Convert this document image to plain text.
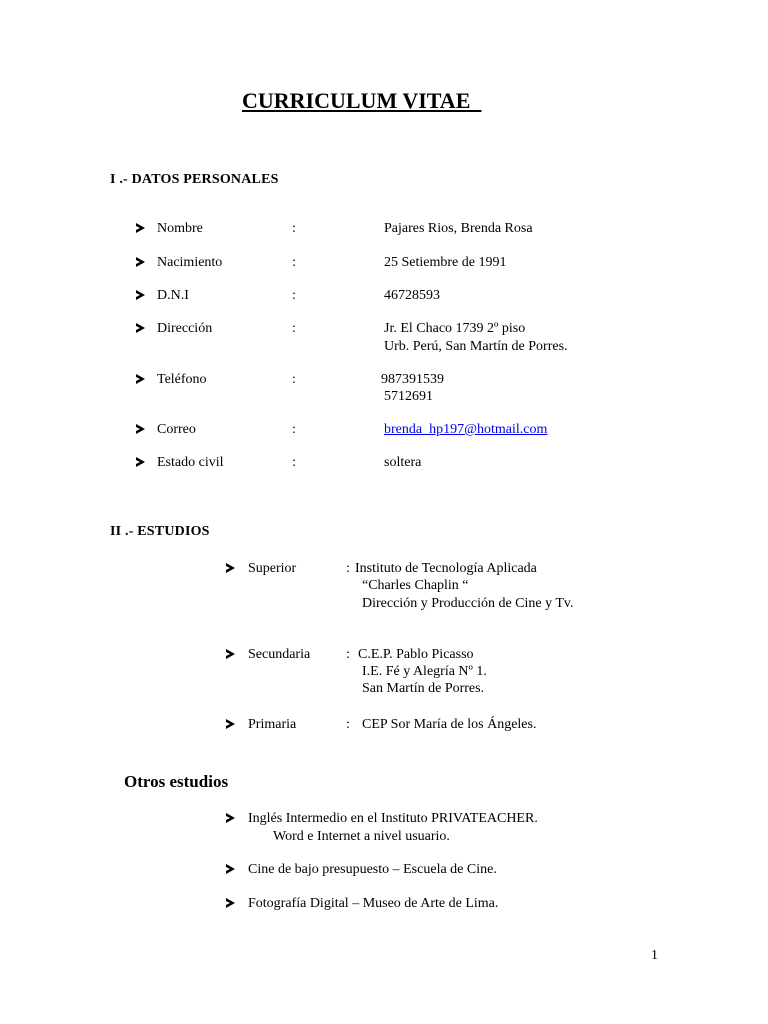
CURRICULUM VITAE
I .- DATOS PERSONALES
Nombre	:	Pajares Rios, Brenda Rosa
Nacimiento	:	25 Setiembre de 1991
D.N.I	:	46728593
Dirección	:	Jr. El Chaco 1739 2º piso
Urb. Perú, San Martín de Porres.
Teléfono	:	987391539
5712691
Correo	:	brenda_hp197@hotmail.com
Estado civil	:	soltera
II .- ESTUDIOS
Superior	: Instituto de Tecnología Aplicada
“Charles Chaplin “
Dirección y Producción de Cine y Tv.
Secundaria	: C.E.P. Pablo Picasso
I.E. Fé y Alegría Nº 1.
San Martín de Porres.
Primaria	: CEP Sor María de los Ángeles.
Otros estudios
Inglés Intermedio en el Instituto PRIVATEACHER.
Word e Internet a nivel usuario.
Cine de bajo presupuesto – Escuela de Cine.
Fotografía Digital – Museo de Arte de Lima.
1
